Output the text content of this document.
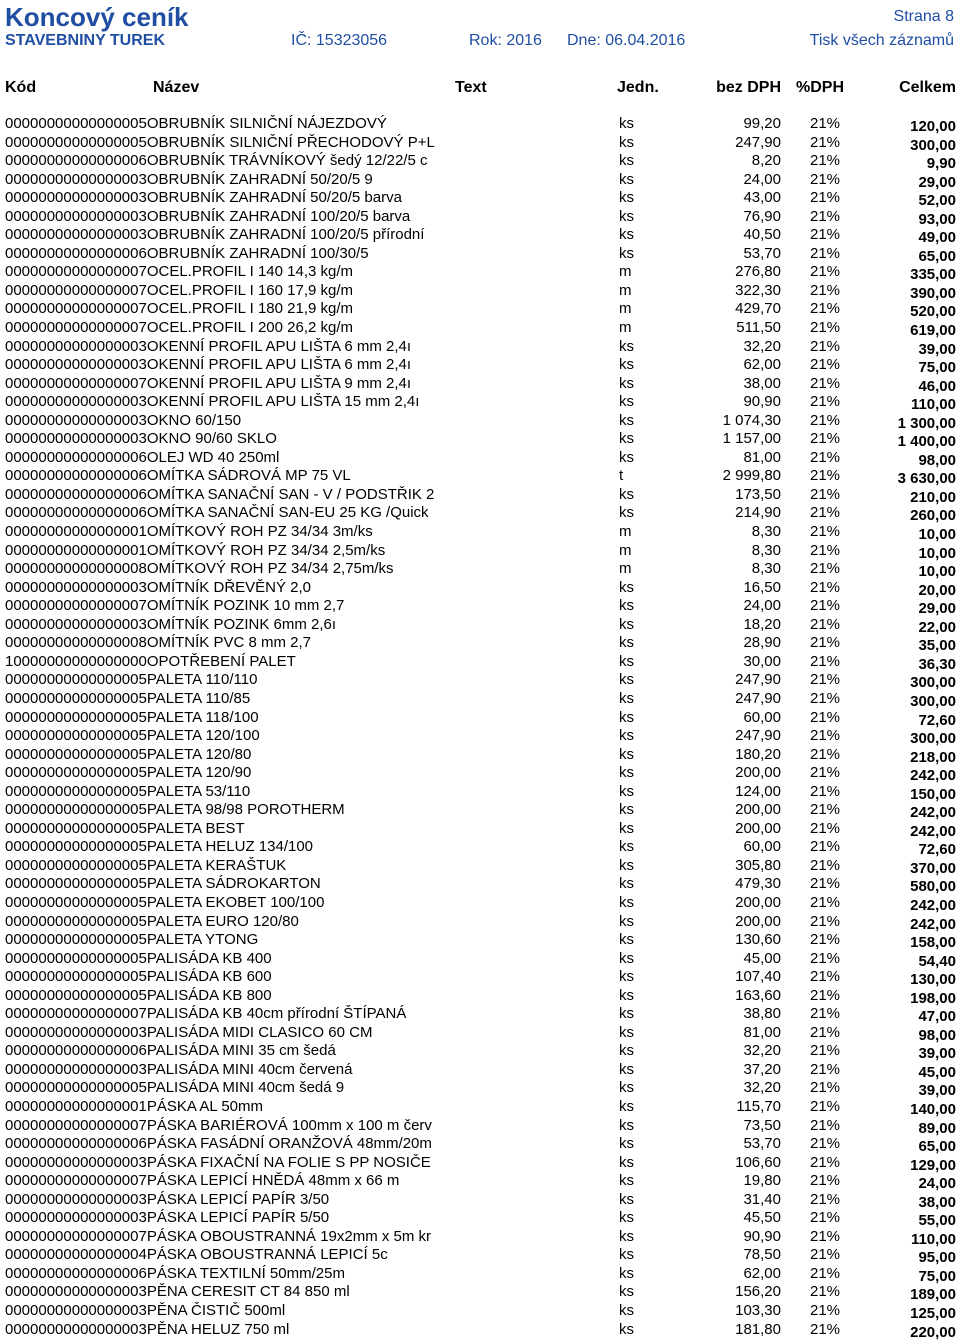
Koncový ceník	Strana 8
STAVEBNINY TUREK	IČ: 15323056	Rok: 2016 Dne: 06.04.2016	Tisk všech záznamů
Kód	Název	Text	Jedn.	bez DPH %DPH	Celkem
00000000000000005OBRUBNÍK SILNIČNÍ NÁJEZDOVÝ	ks	99,20 21%	120,00
00000000000000005OBRUBNÍK SILNIČNÍ PŘECHODOVÝ P+L	ks	247,90 21%	300,00
00000000000000006OBRUBNÍK TRÁVNÍKOVÝ šedý 12/22/5 c	ks	8,20 21%	9,90
00000000000000003OBRUBNÍK ZAHRADNÍ 50/20/5 9	ks	24,00 21%	29,00
00000000000000003OBRUBNÍK ZAHRADNÍ 50/20/5 barva	ks	43,00 21%	52,00
00000000000000003OBRUBNÍK ZAHRADNÍ 100/20/5 barva	ks	76,90 21%	93,00
00000000000000003OBRUBNÍK ZAHRADNÍ 100/20/5 přírodní	ks	40,50 21%	49,00
00000000000000006OBRUBNÍK ZAHRADNÍ 100/30/5	ks	53,70 21%	65,00
00000000000000007OCEL.PROFIL I 140 14,3 kg/m	m	276,80 21%	335,00
00000000000000007OCEL.PROFIL I 160 17,9 kg/m	m	322,30 21%	390,00
00000000000000007OCEL.PROFIL I 180 21,9 kg/m	m	429,70 21%	520,00
00000000000000007OCEL.PROFIL I 200 26,2 kg/m	m	511,50 21%	619,00
00000000000000003OKENNÍ PROFIL APU LIŠTA 6 mm 2,4ı	ks	32,20 21%	39,00
00000000000000003OKENNÍ PROFIL APU LIŠTA 6 mm 2,4ı	ks	62,00 21%	75,00
00000000000000007OKENNÍ PROFIL APU LIŠTA 9 mm 2,4ı	ks	38,00 21%	46,00
00000000000000003OKENNÍ PROFIL APU LIŠTA 15 mm 2,4ı	ks	90,90 21%	110,00
00000000000000003OKNO 60/150	ks	1 074,30 21%	1 300,00
00000000000000003OKNO 90/60 SKLO	ks	1 157,00 21%	1 400,00
00000000000000006OLEJ WD 40 250ml	ks	81,00 21%	98,00
00000000000000006OMÍTKA SÁDROVÁ MP 75 VL	t	2 999,80 21%	3 630,00
00000000000000006OMÍTKA SANAČNÍ SAN - V / PODSTŘIK 2	ks	173,50 21%	210,00
00000000000000006OMÍTKA SANAČNÍ SAN-EU 25 KG /Quick	ks	214,90 21%	260,00
00000000000000001OMÍTKOVÝ ROH PZ 34/34 3m/ks	m	8,30 21%	10,00
00000000000000001OMÍTKOVÝ ROH PZ 34/34 2,5m/ks	m	8,30 21%	10,00
00000000000000008OMÍTKOVÝ ROH PZ 34/34 2,75m/ks	m	8,30 21%	10,00
00000000000000003OMÍTNÍK DŘEVĚNÝ 2,0	ks	16,50 21%	20,00
00000000000000007OMÍTNÍK POZINK 10 mm 2,7	ks	24,00 21%	29,00
00000000000000003OMÍTNÍK POZINK 6mm 2,6ı	ks	18,20 21%	22,00
00000000000000008OMÍTNÍK PVC 8 mm 2,7	ks	28,90 21%	35,00
10000000000000000OPOTŘEBENÍ PALET	ks	30,00 21%	36,30
00000000000000005PALETA 110/110	ks	247,90 21%	300,00
00000000000000005PALETA 110/85	ks	247,90 21%	300,00
00000000000000005PALETA 118/100	ks	60,00 21%	72,60
00000000000000005PALETA 120/100	ks	247,90 21%	300,00
00000000000000005PALETA 120/80	ks	180,20 21%	218,00
00000000000000005PALETA 120/90	ks	200,00 21%	242,00
00000000000000005PALETA 53/110	ks	124,00 21%	150,00
00000000000000005PALETA 98/98 POROTHERM	ks	200,00 21%	242,00
00000000000000005PALETA BEST	ks	200,00 21%	242,00
00000000000000005PALETA HELUZ 134/100	ks	60,00 21%	72,60
00000000000000005PALETA KERAŠTUK	ks	305,80 21%	370,00
00000000000000005PALETA SÁDROKARTON	ks	479,30 21%	580,00
00000000000000005PALETA EKOBET 100/100	ks	200,00 21%	242,00
00000000000000005PALETA EURO 120/80	ks	200,00 21%	242,00
00000000000000005PALETA YTONG	ks	130,60 21%	158,00
00000000000000005PALISÁDA KB 400	ks	45,00 21%	54,40
00000000000000005PALISÁDA KB 600	ks	107,40 21%	130,00
00000000000000005PALISÁDA KB 800	ks	163,60 21%	198,00
00000000000000007PALISÁDA KB 40cm přírodní ŠTÍPANÁ	ks	38,80 21%	47,00
00000000000000003PALISÁDA MIDI CLASICO 60 CM	ks	81,00 21%	98,00
00000000000000006PALISÁDA MINI 35 cm šedá	ks	32,20 21%	39,00
00000000000000003PALISÁDA MINI 40cm červená	ks	37,20 21%	45,00
00000000000000005PALISÁDA MINI 40cm šedá 9	ks	32,20 21%	39,00
00000000000000001PÁSKA AL 50mm	ks	115,70 21%	140,00
00000000000000007PÁSKA BARIÉROVÁ 100mm x 100 m červ	ks	73,50 21%	89,00
00000000000000006PÁSKA FASÁDNÍ ORANŽOVÁ 48mm/20m	ks	53,70 21%	65,00
00000000000000003PÁSKA FIXAČNÍ NA FOLIE S PP NOSIČE	ks	106,60 21%	129,00
00000000000000007PÁSKA LEPICÍ HNĚDÁ 48mm x 66 m	ks	19,80 21%	24,00
00000000000000003PÁSKA LEPICÍ PAPÍR 3/50	ks	31,40 21%	38,00
00000000000000003PÁSKA LEPICÍ PAPÍR 5/50	ks	45,50 21%	55,00
00000000000000007PÁSKA OBOUSTRANNÁ 19x2mm x 5m kr	ks	90,90 21%	110,00
00000000000000004PÁSKA OBOUSTRANNÁ LEPICÍ 5c	ks	78,50 21%	95,00
00000000000000006PÁSKA TEXTILNÍ 50mm/25m	ks	62,00 21%	75,00
00000000000000003PĚNA CERESIT CT 84 850 ml	ks	156,20 21%	189,00
00000000000000003PĚNA ČISTIČ 500ml	ks	103,30 21%	125,00
00000000000000003PĚNA HELUZ 750 ml	ks	181,80 21%	220,00
